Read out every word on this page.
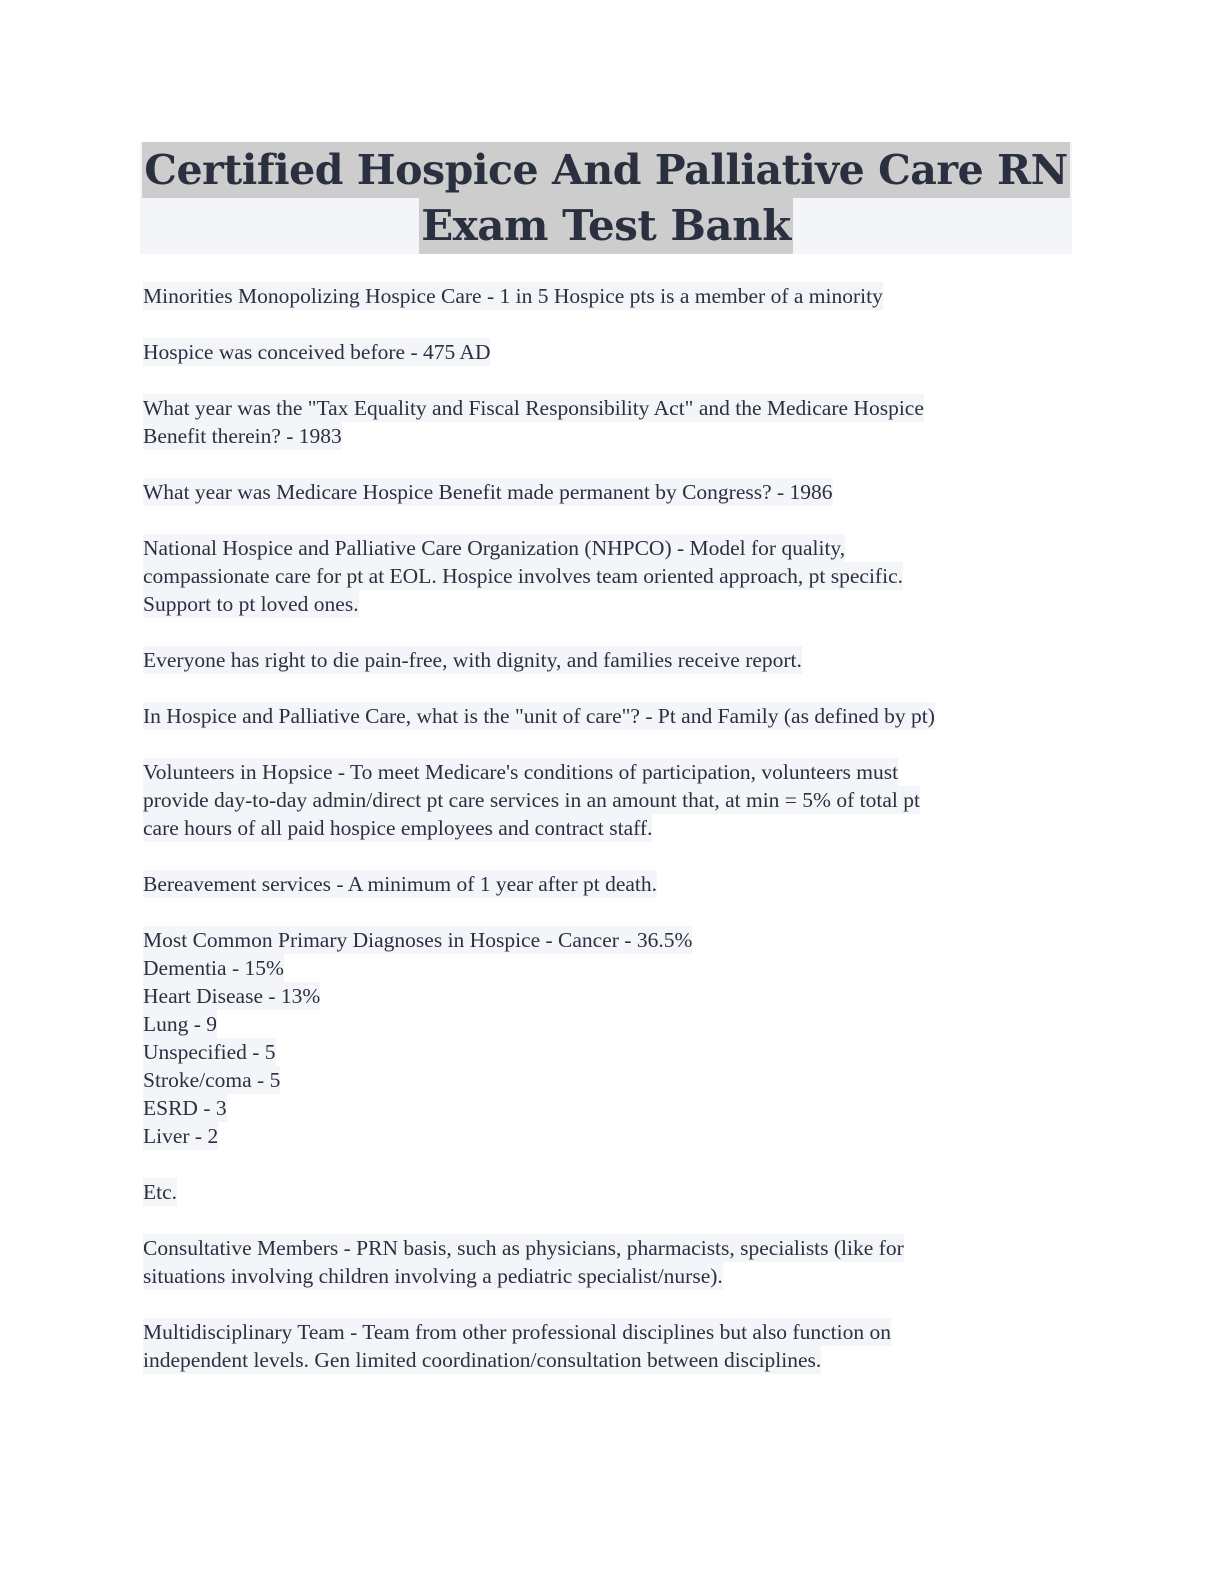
Certified Hospice And Palliative Care RN
Exam Test Bank
Minorities Monopolizing Hospice Care - 1 in 5 Hospice pts is a member of a minority
Hospice was conceived before - 475 AD
What year was the "Tax Equality and Fiscal Responsibility Act" and the Medicare Hospice
Benefit therein? - 1983
What year was Medicare Hospice Benefit made permanent by Congress? - 1986
National Hospice and Palliative Care Organization (NHPCO) - Model for quality,
compassionate care for pt at EOL. Hospice involves team oriented approach, pt specific.
Support to pt loved ones.
Everyone has right to die pain-free, with dignity, and families receive report.
In Hospice and Palliative Care, what is the "unit of care"? - Pt and Family (as defined by pt)
Volunteers in Hopsice - To meet Medicare's conditions of participation, volunteers must
provide day-to-day admin/direct pt care services in an amount that, at min = 5% of total pt
care hours of all paid hospice employees and contract staff.
Bereavement services - A minimum of 1 year after pt death.
Most Common Primary Diagnoses in Hospice - Cancer - 36.5%
Dementia - 15%
Heart Disease - 13%
Lung - 9
Unspecified - 5
Stroke/coma - 5
ESRD - 3
Liver - 2
Etc.
Consultative Members - PRN basis, such as physicians, pharmacists, specialists (like for
situations involving children involving a pediatric specialist/nurse).
Multidisciplinary Team - Team from other professional disciplines but also function on
independent levels. Gen limited coordination/consultation between disciplines.
